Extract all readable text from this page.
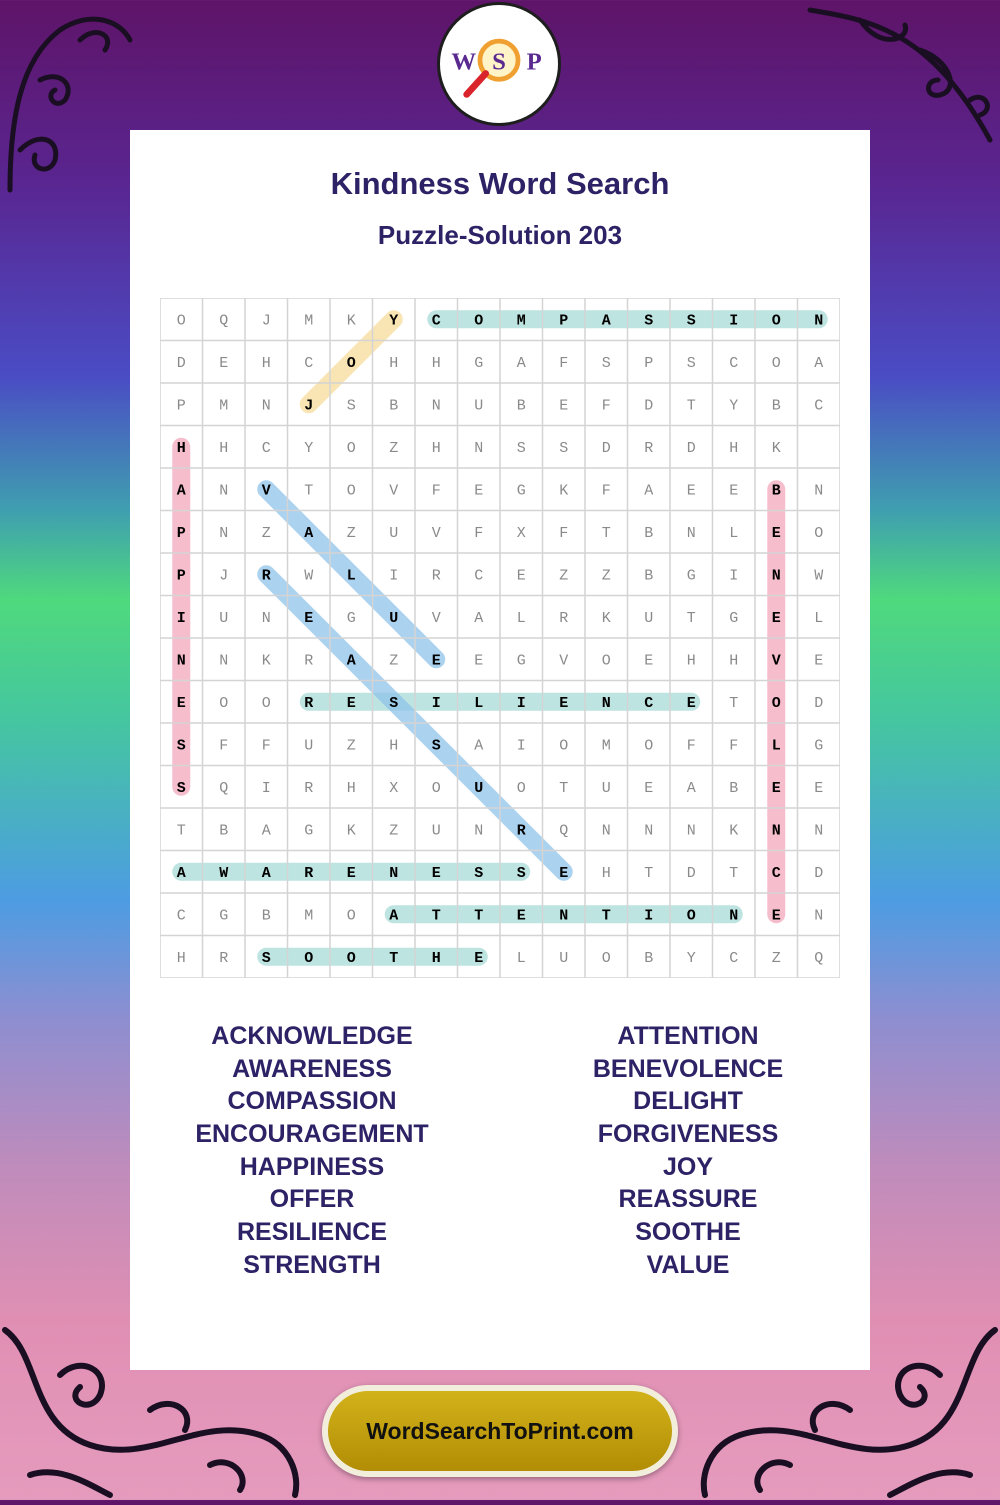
W S P
Kindness Word Search
Puzzle-Solution 203
O Q J M K Y C O M P A S S I O N
D E H C O H H G A F S P S C O A
P M N J S B N U B E F D T Y B C
H H C Y O Z H N S S D R D H K
A N V T O V F E G K F A E E B N
P N Z A Z U V F X F T B N L E O
P J R W L I R C E Z Z B G I N W
I U N E G U V A L R K U T G E L
N N K R A Z E E G V O E H H V E
E O O R E S I L I E N C E T O D
S F F U Z H S A I O M O F F L G
S Q I R H X O U O T U E A B E E
T B A G K Z U N R Q N N N K N N
A W A R E N E S S E H T D T C D
C G B M O A T T E N T I O N E N
H R S O O T H E L U O B Y C Z Q
ACKNOWLEDGE
AWARENESS
COMPASSION
ENCOURAGEMENT
HAPPINESS
OFFER
RESILIENCE
STRENGTH
ATTENTION
BENEVOLENCE
DELIGHT
FORGIVENESS
JOY
REASSURE
SOOTHE
VALUE
WordSearchToPrint.com
